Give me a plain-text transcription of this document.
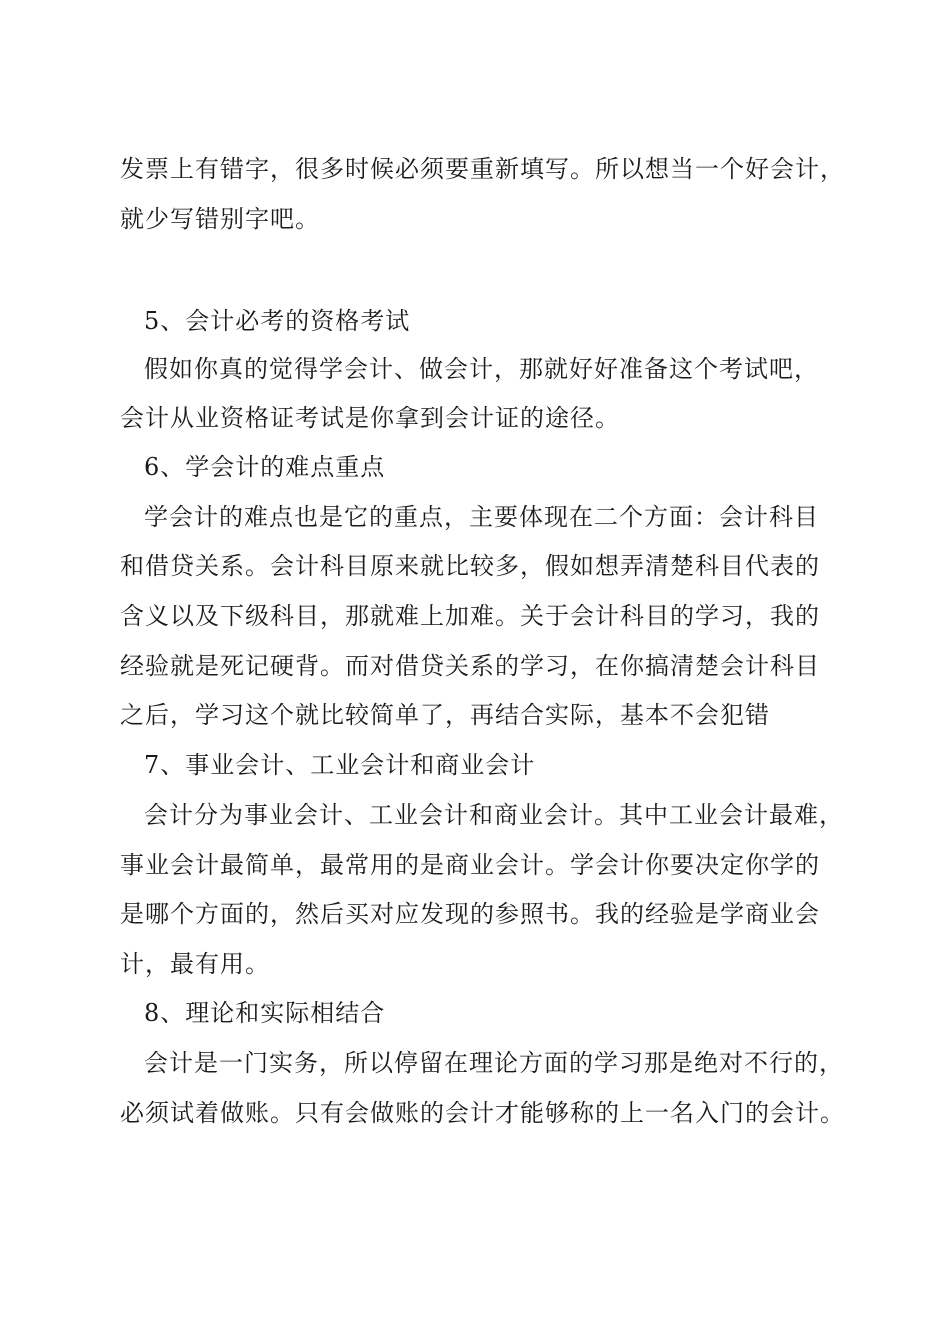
发票上有错字，很多时候必须要重新填写。所以想当一个好会计，
就少写错别字吧。
5、会计必考的资格考试
假如你真的觉得学会计、做会计，那就好好准备这个考试吧，
会计从业资格证考试是你拿到会计证的途径。
6、学会计的难点重点
学会计的难点也是它的重点，主要体现在二个方面：会计科目
和借贷关系。会计科目原来就比较多，假如想弄清楚科目代表的
含义以及下级科目，那就难上加难。关于会计科目的学习，我的
经验就是死记硬背。而对借贷关系的学习，在你搞清楚会计科目
之后，学习这个就比较简单了，再结合实际，基本不会犯错
7、事业会计、工业会计和商业会计
会计分为事业会计、工业会计和商业会计。其中工业会计最难，
事业会计最简单，最常用的是商业会计。学会计你要决定你学的
是哪个方面的，然后买对应发现的参照书。我的经验是学商业会
计，最有用。
8、理论和实际相结合
会计是一门实务，所以停留在理论方面的学习那是绝对不行的，
必须试着做账。只有会做账的会计才能够称的上一名入门的会计。
